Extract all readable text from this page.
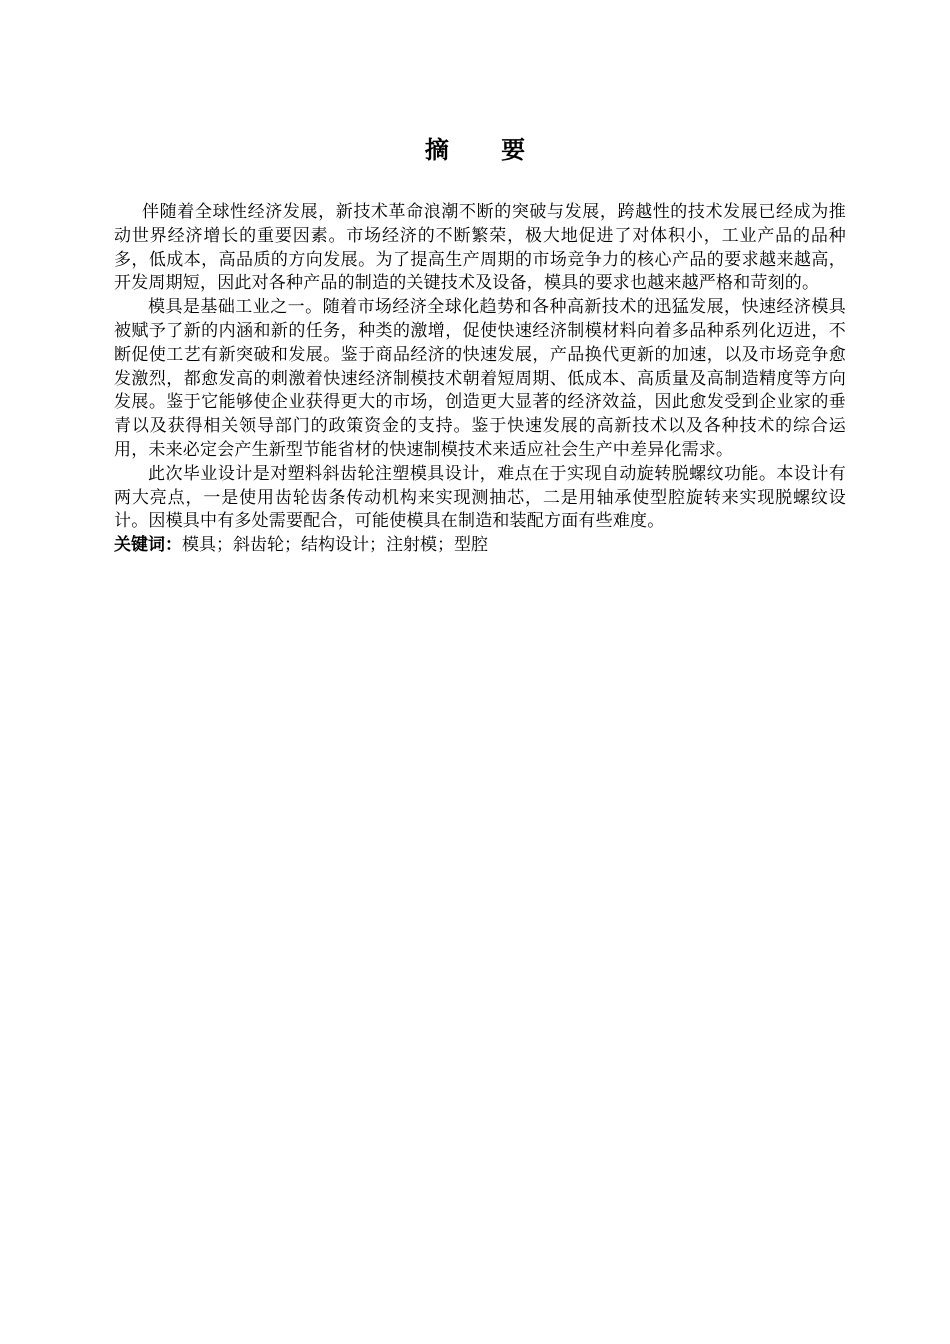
摘 要

伴随着全球性经济发展，新技术革命浪潮不断的突破与发展，跨越性的技术发展已经成为推动世界经济增长的重要因素。市场经济的不断繁荣，极大地促进了对体积小，工业产品的品种多，低成本，高品质的方向发展。为了提高生产周期的市场竞争力的核心产品的要求越来越高，开发周期短，因此对各种产品的制造的关键技术及设备，模具的要求也越来越严格和苛刻的。

模具是基础工业之一。随着市场经济全球化趋势和各种高新技术的迅猛发展，快速经济模具被赋予了新的内涵和新的任务，种类的激增，促使快速经济制模材料向着多品种系列化迈进，不断促使工艺有新突破和发展。鉴于商品经济的快速发展，产品换代更新的加速，以及市场竞争愈发激烈，都愈发高的刺激着快速经济制模技术朝着短周期、低成本、高质量及高制造精度等方向发展。鉴于它能够使企业获得更大的市场，创造更大显著的经济效益，因此愈发受到企业家的垂青以及获得相关领导部门的政策资金的支持。鉴于快速发展的高新技术以及各种技术的综合运用，未来必定会产生新型节能省材的快速制模技术来适应社会生产中差异化需求。

此次毕业设计是对塑料斜齿轮注塑模具设计，难点在于实现自动旋转脱螺纹功能。本设计有两大亮点，一是使用齿轮齿条传动机构来实现测抽芯，二是用轴承使型腔旋转来实现脱螺纹设计。因模具中有多处需要配合，可能使模具在制造和装配方面有些难度。

关键词：模具；斜齿轮；结构设计；注射模；型腔
